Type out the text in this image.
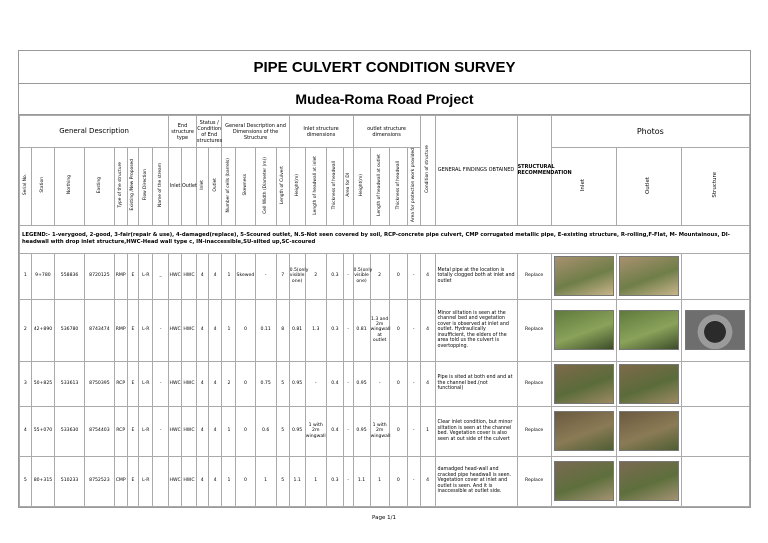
PIPE CULVERT CONDITION SURVEY
Mudea-Roma Road Project
General Description								End structure type		Status / Condition of End structures		General Description and Dimensions of the Structure				Inlet structure dimensions				outlet structure dimensions				Condition of structure	GENERAL FINDINGS OBTAINED	STRUCTURAL RECOMMENDATION	Photos		
Serial No.	Station	Northing	Easting	Type of the structure	Existing /New Proposed	Flow Direction	Name of the stream	Inlet	Outlet	Inlet	Outlet	Number of cells (barrels)	Skewness	Cell Width (Diameter (m))	Length of Culvert	Height(m)	Length of headwall at inlet	Thickness of headwall	Area for DI	Height(m)	Length of headwall at outlet	Thickness of headwall	Area for protection work provided				Inlet	Outlet	Structure
LEGEND:- 1-verygood, 2-good, 3-fair(repair & use), 4-damaged(replace), 5-Scoured outlet, N.S-Not seen covered by soil, RCP-concrete pipe culvert, CMP corrugated metallic pipe, E-existing structure, R-rolling,F-Flat, M- Mountainous, DI-headwall with drop inlet structure,HWC-Head wall type c, IN-inaccessible,SU-silted up,SC-scoured																													
1	9+780	558836	8720125	RMP	E	L-R	_	HWC	HWC	4	4	1	Skewed	-	7	0.5(only visible one)	2	0.3	-	0.5(only visible one)	2	0	-	4	Metal pipe at the location is totally clogged both at inlet and outlet	Replace	

2	42+890	536780	8743474	RMP	E	L-R	-	HWC	HWC	4	4	1	0	0.11	8	0.81	1.3	0.3	-	0.81	1.3 and 2m wingwall at outlet	0	-	4	Minor siltation is seen at the channel bed and vegetation cover is observed at inlet and outlet. Hydraulically insufficient, the elders of the area told us the culvert is overtopping.	Replace	

3	50+825	533613	8750395	RCP	E	L-R	-	HWC	HWC	4	4	2	0	0.75	5	0.95	-	0.4	-	0.95	-	0	-	4	Pipe is sited at both end and at the channel bed.(not functional)	Replace	

4	55+070	533630	8754403	RCP	E	L-R	-	HWC	HWC	4	4	1	0	0.6	5	0.95	1 with 2m wingwall	0.4	-	0.95	1 with 2m wingwall	0	-	1	Clear inlet condition, but minor siltation is seen at the channel bed. Vegetation cover is also seen at out side of the culvert	Replace	

5	80+315	510233	8752523	CMP	E	L-R		HWC	HWC	4	4	1	0	1	5	1.1	1	0.3	-	1.1	1	0	-	4	damadged head-wall and cracked pipe headwall is seen. Vegetation cover at inlet and outlet is seen. And it is inaccessible at outlet side.	Replace	

Page 1/1
